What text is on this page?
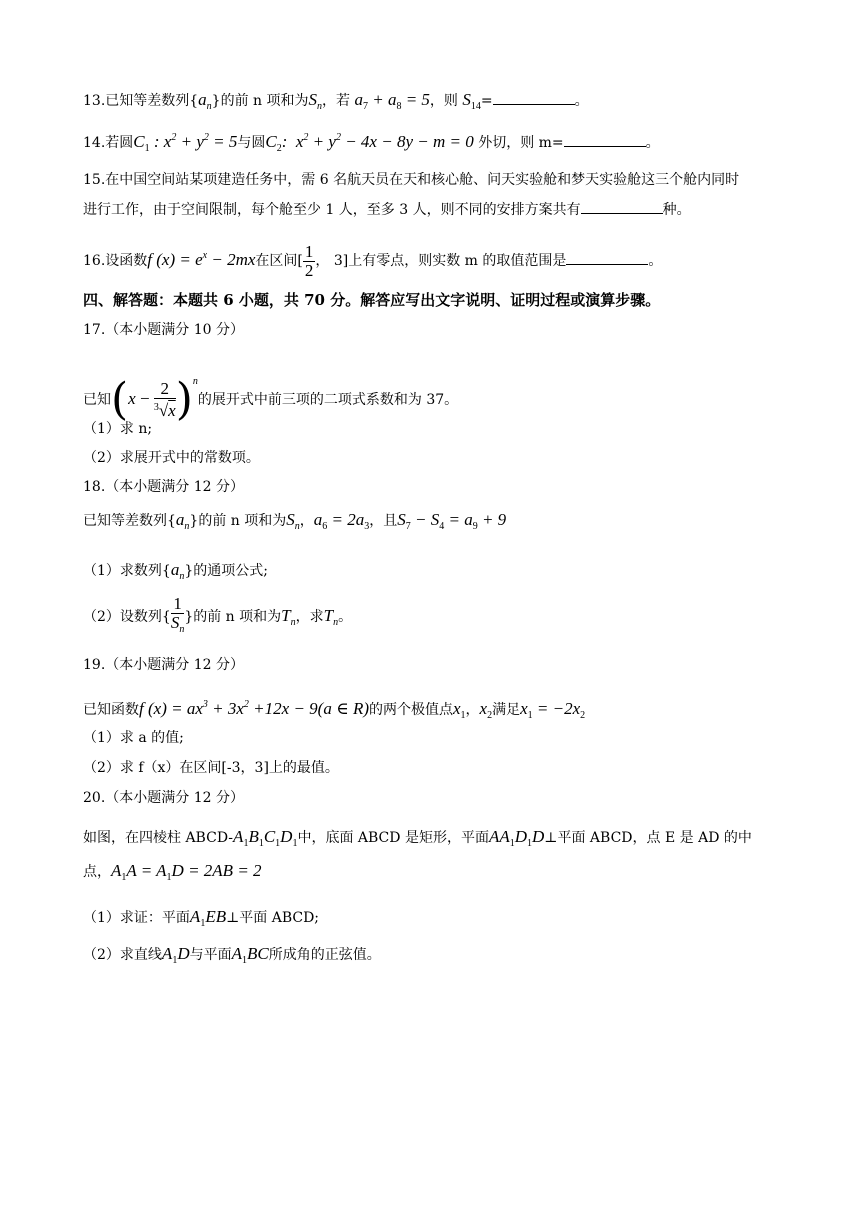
13.已知等差数列$\{a_n\}$的前 n 项和为$S_n$，若 $a_7 + a_8 = 5$，则 $S_{14}=$	。
14.若圆$C_1$ : $x^2 + y^2 = 5$与圆$C_2$:  $x^2 + y^2 - 4x - 8y - m = 0$ 外切，则 m=	。
15.在中国空间站某项建造任务中，需 6 名航天员在天和核心舱、问天实验舱和梦天实验舱这三个舱内同时
进行工作，由于空间限制，每个舱至少 1 人，至多 3 人，则不同的安排方案共有	种。
16.设函数f $(x) = e^x - 2mx$在区间[ $\frac{1}{2}$ ， 3]上有零点，则实数 m 的取值范围是	。
四、解答题：本题共 6 小题，共 70 分。解答应写出文字说明、证明过程或演算步骤。
17.（本小题满分 10 分）
已知$(x - \frac{2}{^3√x} )^n$的展开式中前三项的二项式系数和为 37。
（1）求 n;
（2）求展开式中的常数项。
18.（本小题满分 12 分）
已知等差数列$\{a_n\}$的前 n 项和为$S_n$，$a_6 = 2a_3$，且$S_7 - S_4 = a_9 + 9$
（1）求数列$\{a_n\}$的通项公式;
（2）设数列{ $\frac{1}{S_n}$ }的前 n 项和为$T_n$，求$T_n$。
19.（本小题满分 12 分）
已知函数f $(x) = ax^3 + 3x^2 +12x - 9(a$ ∈ R)的两个极值点$x_1$，$x_2$满足$x_1 = -2x_2$
（1）求 a 的值;
（2）求 f（x）在区间[-3，3]上的最值。
20.（本小题满分 12 分）
如图，在四棱柱 ABCD-$A_1B_1C_1D_1$中，底面 ABCD 是矩形，平面$AA_1D_1D\perp$平面 ABCD，点 E 是 AD 的中
点，$A_1A = A_1D = 2AB = 2$
（1）求证：平面$A_1EB\perp$平面 ABCD;
（2）求直线$A_1D$与平面$A_1BC$所成角的正弦值。
